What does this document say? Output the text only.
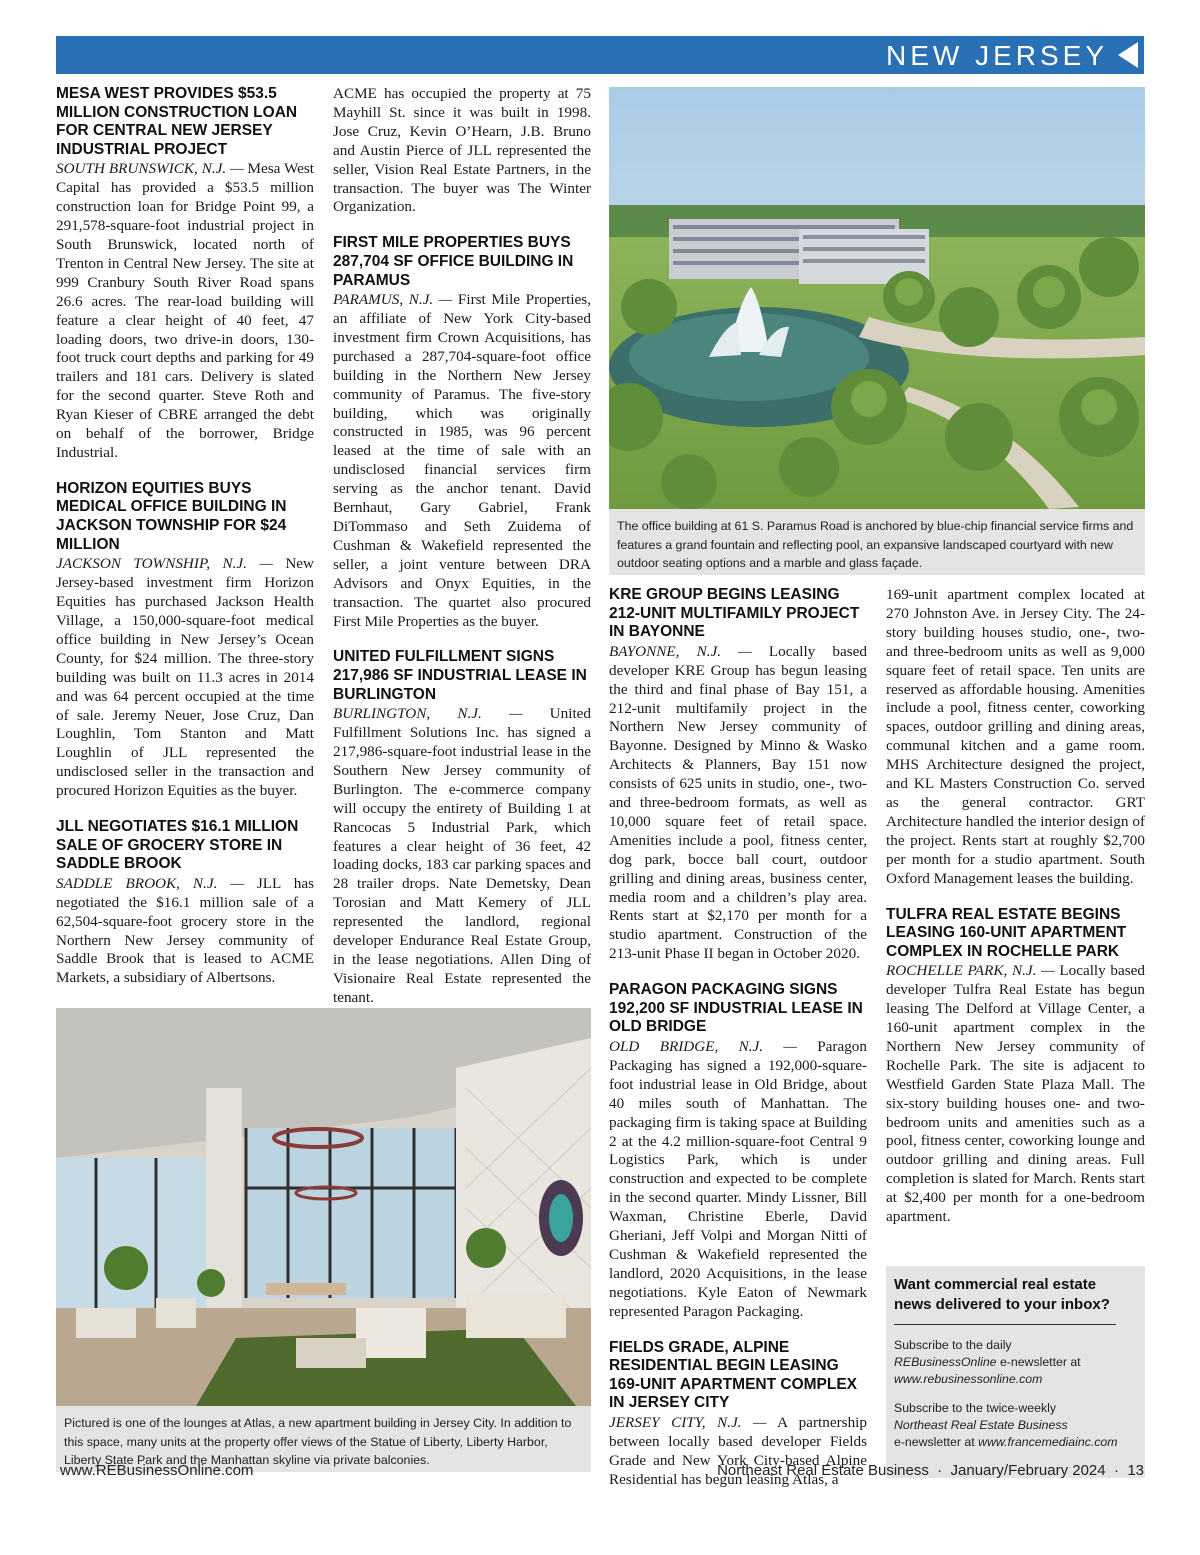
NEW JERSEY

MESA WEST PROVIDES $53.5 MILLION CONSTRUCTION LOAN FOR CENTRAL NEW JERSEY INDUSTRIAL PROJECT

SOUTH BRUNSWICK, N.J. — Mesa West Capital has provided a $53.5 million construction loan for Bridge Point 99, a 291,578-square-foot industrial project in South Brunswick, located north of Trenton in Central New Jersey. The site at 999 Cranbury South River Road spans 26.6 acres. The rear-load building will feature a clear height of 40 feet, 47 loading doors, two drive-in doors, 130-foot truck court depths and parking for 49 trailers and 181 cars. Delivery is slated for the second quarter. Steve Roth and Ryan Kieser of CBRE arranged the debt on behalf of the borrower, Bridge Industrial.

HORIZON EQUITIES BUYS MEDICAL OFFICE BUILDING IN JACKSON TOWNSHIP FOR $24 MILLION

JACKSON TOWNSHIP, N.J. — New Jersey-based investment firm Horizon Equities has purchased Jackson Health Village, a 150,000-square-foot medical office building in New Jersey’s Ocean County, for $24 million. The three-story building was built on 11.3 acres in 2014 and was 64 percent occupied at the time of sale. Jeremy Neuer, Jose Cruz, Dan Loughlin, Tom Stanton and Matt Loughlin of JLL represented the undisclosed seller in the transaction and procured Horizon Equities as the buyer.

JLL NEGOTIATES $16.1 MILLION SALE OF GROCERY STORE IN SADDLE BROOK

SADDLE BROOK, N.J. — JLL has negotiated the $16.1 million sale of a 62,504-square-foot grocery store in the Northern New Jersey community of Saddle Brook that is leased to ACME Markets, a subsidiary of Albertsons.

ACME has occupied the property at 75 Mayhill St. since it was built in 1998. Jose Cruz, Kevin O’Hearn, J.B. Bruno and Austin Pierce of JLL represented the seller, Vision Real Estate Partners, in the transaction. The buyer was The Winter Organization.

FIRST MILE PROPERTIES BUYS 287,704 SF OFFICE BUILDING IN PARAMUS

PARAMUS, N.J. — First Mile Properties, an affiliate of New York City-based investment firm Crown Acquisitions, has purchased a 287,704-square-foot office building in the Northern New Jersey community of Paramus. The five-story building, which was originally constructed in 1985, was 96 percent leased at the time of sale with an undisclosed financial services firm serving as the anchor tenant. David Bernhaut, Gary Gabriel, Frank DiTommaso and Seth Zuidema of Cushman & Wakefield represented the seller, a joint venture between DRA Advisors and Onyx Equities, in the transaction. The quartet also procured First Mile Properties as the buyer.

UNITED FULFILLMENT SIGNS 217,986 SF INDUSTRIAL LEASE IN BURLINGTON

BURLINGTON, N.J. — United Fulfillment Solutions Inc. has signed a 217,986-square-foot industrial lease in the Southern New Jersey community of Burlington. The e-commerce company will occupy the entirety of Building 1 at Rancocas 5 Industrial Park, which features a clear height of 36 feet, 42 loading docks, 183 car parking spaces and 28 trailer drops. Nate Demetsky, Dean Torosian and Matt Kemery of JLL represented the landlord, regional developer Endurance Real Estate Group, in the lease negotiations. Allen Ding of Visionaire Real Estate represented the tenant.

The office building at 61 S. Paramus Road is anchored by blue-chip financial service firms and features a grand fountain and reflecting pool, an expansive landscaped courtyard with new outdoor seating options and a marble and glass façade.

KRE GROUP BEGINS LEASING 212-UNIT MULTIFAMILY PROJECT IN BAYONNE

BAYONNE, N.J. — Locally based developer KRE Group has begun leasing the third and final phase of Bay 151, a 212-unit multifamily project in the Northern New Jersey community of Bayonne. Designed by Minno & Wasko Architects & Planners, Bay 151 now consists of 625 units in studio, one-, two- and three-bedroom formats, as well as 10,000 square feet of retail space. Amenities include a pool, fitness center, dog park, bocce ball court, outdoor grilling and dining areas, business center, media room and a children’s play area. Rents start at $2,170 per month for a studio apartment. Construction of the 213-unit Phase II began in October 2020.

PARAGON PACKAGING SIGNS 192,200 SF INDUSTRIAL LEASE IN OLD BRIDGE

OLD BRIDGE, N.J. — Paragon Packaging has signed a 192,000-square-foot industrial lease in Old Bridge, about 40 miles south of Manhattan. The packaging firm is taking space at Building 2 at the 4.2 million-square-foot Central 9 Logistics Park, which is under construction and expected to be complete in the second quarter. Mindy Lissner, Bill Waxman, Christine Eberle, David Gheriani, Jeff Volpi and Morgan Nitti of Cushman & Wakefield represented the landlord, 2020 Acquisitions, in the lease negotiations. Kyle Eaton of Newmark represented Paragon Packaging.

FIELDS GRADE, ALPINE RESIDENTIAL BEGIN LEASING 169-UNIT APARTMENT COMPLEX IN JERSEY CITY

JERSEY CITY, N.J. — A partnership between locally based developer Fields Grade and New York City-based Alpine Residential has begun leasing Atlas, a

169-unit apartment complex located at 270 Johnston Ave. in Jersey City. The 24-story building houses studio, one-, two- and three-bedroom units as well as 9,000 square feet of retail space. Ten units are reserved as affordable housing. Amenities include a pool, fitness center, coworking spaces, outdoor grilling and dining areas, communal kitchen and a game room. MHS Architecture designed the project, and KL Masters Construction Co. served as the general contractor. GRT Architecture handled the interior design of the project. Rents start at roughly $2,700 per month for a studio apartment. South Oxford Management leases the building.

TULFRA REAL ESTATE BEGINS LEASING 160-UNIT APARTMENT COMPLEX IN ROCHELLE PARK

ROCHELLE PARK, N.J. — Locally based developer Tulfra Real Estate has begun leasing The Delford at Village Center, a 160-unit apartment complex in the Northern New Jersey community of Rochelle Park. The site is adjacent to Westfield Garden State Plaza Mall. The six-story building houses one- and two-bedroom units and amenities such as a pool, fitness center, coworking lounge and outdoor grilling and dining areas. Full completion is slated for March. Rents start at $2,400 per month for a one-bedroom apartment.

Pictured is one of the lounges at Atlas, a new apartment building in Jersey City. In addition to this space, many units at the property offer views of the Statue of Liberty, Liberty Harbor, Liberty State Park and the Manhattan skyline via private balconies.

Want commercial real estate news delivered to your inbox?

Subscribe to the daily
REBusinessOnline e-newsletter at
www.rebusinessonline.com

Subscribe to the twice-weekly
Northeast Real Estate Business
e-newsletter at www.francemediainc.com

www.REBusinessOnline.com	Northeast Real Estate Business  ·  January/February 2024  ·  13
